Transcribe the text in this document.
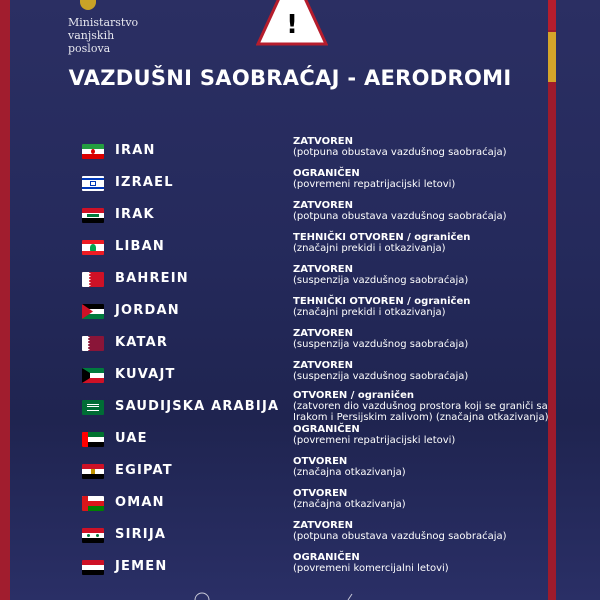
Ministarstvo
vanjskih
poslova
!
VAZDUŠNI SAOBRAĆAJ - AERODROMI
IRAN
ZATVOREN
(potpuna obustava vazdušnog saobraćaja)
IZRAEL
OGRANIČEN
(povremeni repatrijacijski letovi)
IRAK
ZATVOREN
(potpuna obustava vazdušnog saobraćaja)
LIBAN
TEHNIČKI OTVOREN / ograničen
(značajni prekidi i otkazivanja)
BAHREIN
ZATVOREN
(suspenzija vazdušnog saobraćaja)
JORDAN
TEHNIČKI OTVOREN / ograničen
(značajni prekidi i otkazivanja)
KATAR
ZATVOREN
(suspenzija vazdušnog saobraćaja)
KUVAJT
ZATVOREN
(suspenzija vazdušnog saobraćaja)
SAUDIJSKA ARABIJA
OTVOREN / ograničen
(zatvoren dio vazdušnog prostora koji se graniči sa Irakom i Persijskim zalivom) (značajna otkazivanja)
UAE
OGRANIČEN
(povremeni repatrijacijski letovi)
EGIPAT
OTVOREN
(značajna otkazivanja)
OMAN
OTVOREN
(značajna otkazivanja)
SIRIJA
ZATVOREN
(potpuna obustava vazdušnog saobraćaja)
JEMEN
OGRANIČEN
(povremeni komercijalni letovi)
